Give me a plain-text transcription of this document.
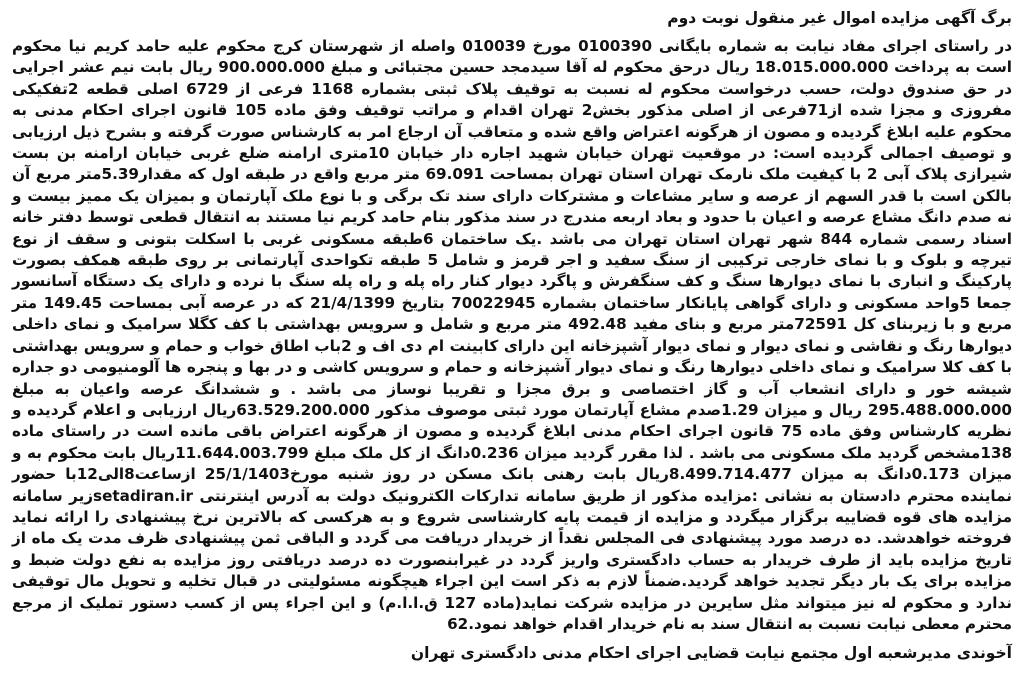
برگ آگهی مزایده اموال غیر منقول نوبت دوم

در راستای اجرای مفاد نیابت به شماره بایگانی 0100390 مورخ 010039 واصله از شهرستان کرج محکوم علیه حامد کریم نیا محکوم است به پرداخت 18.015.000.000 ریال درحق محکوم له آقا سیدمجد حسین مجتبائی و مبلغ 900.000.000 ریال بابت نیم عشر اجرایی در حق صندوق دولت، حسب درخواست محکوم له نسبت به توقیف پلاک ثبتی بشماره 1168 فرعی از 6729 اصلی قطعه 2تفکیکی مفروزی و مجزا شده از71فرعی از اصلی مذکور بخش2 تهران اقدام و مراتب توقیف وفق ماده 105 قانون اجرای احکام مدنی به محکوم علیه ابلاغ گردیده و مصون از هرگونه اعتراض واقع شده و متعاقب آن ارجاع امر به کارشناس صورت گرفته و بشرح ذیل ارزیابی و توصیف اجمالی گردیده است: در موقعیت تهران خیابان شهید اجاره دار خیابان 10متری ارامنه ضلع غربی خیابان ارامنه بن بست شیرازی پلاک آبی 2 با کیفیت ملک نارمک تهران استان تهران بمساحت 69.091 متر مربع واقع در طبقه اول که مقدار5.39متر مربع آن بالکن است با قدر السهم از عرصه و سایر مشاعات و مشترکات دارای سند تک برگی و با نوع ملک آپارتمان و بمیزان یک ممیز بیست و نه صدم دانگ مشاع عرصه و اعیان با حدود و بعاد اربعه مندرج در سند مذکور بنام حامد کریم نیا مستند به انتقال قطعی توسط دفتر خانه اسناد رسمی شماره 844 شهر تهران استان تهران می باشد .یک ساختمان 6طبقه مسکونی غربی با اسکلت بتونی و سقف از نوع تیرچه و بلوک و با نمای خارجی ترکیبی از سنگ سفید و اجر قرمز و شامل 5 طبقه تکواحدی آپارتمانی بر روی طبقه همکف بصورت پارکینگ و انباری با نمای دیوارها سنگ و کف سنگفرش و پاگرد دیوار کنار راه پله و راه پله سنگ با نرده و دارای یک دستگاه آسانسور جمعا 5واحد مسکونی و دارای گواهی پایانکار ساختمان بشماره 70022945 بتاریخ 21/4/1399 که در عرصه آبی بمساحت 149.45 متر مربع و با زیربنای کل 72591متر مربع و بنای مفید 492.48 متر مربع و شامل و سرویس بهداشتی با کف کگلا سرامیک و نمای داخلی دیوارها رنگ و نقاشی و نمای دیوار و نمای دیوار آشپزخانه این دارای کابینت ام دی اف و 2باب اطاق خواب و حمام و سرویس بهداشتی با کف کلا سرامیک و نمای داخلی دیوارها رنگ و نمای دیوار آشپزخانه و حمام و سرویس کاشی و در بها و پنجره ها آلومنیومی دو جداره شیشه خور و دارای انشعاب آب و گاز اختصاصی و برق مجزا و تقریبا نوساز می باشد . و ششدانگ عرصه واعیان به مبلغ 295.488.000.000 ریال و میزان 1.29صدم مشاع آپارتمان مورد ثبتی موصوف مذکور 63.529.200.000ریال ارزیابی و اعلام گردیده و نظریه کارشناس وفق ماده 75 قانون اجرای احکام مدنی ابلاغ گردیده و مصون از هرگونه اعتراض باقی مانده است در راستای ماده 138مشخص گردید ملک مسکونی می باشد . لذا مقرر گردید میزان 0.236دانگ از کل ملک مبلغ 11.644.003.799ریال بابت محکوم به و میزان 0.173دانگ به میزان 8.499.714.477ریال بابت رهنی بانک مسکن در روز شنبه مورخ25/1/1403 ازساعت8الی12با حضور نماینده محترم دادستان به نشانی :مزایده مذکور از طریق سامانه تدارکات الکترونیک دولت به آدرس اینترنتی setadiran.irزیر سامانه مزایده های قوه قضاییه برگزار میگردد و مزایده از قیمت پایه کارشناسی شروع و به هرکسی که بالاترین نرخ پیشنهادی را ارائه نماید فروخته خواهدشد. ده درصد مورد پیشنهادی فی المجلس نقداً از خریدار دریافت می گردد و الباقی ثمن پیشنهادی ظرف مدت یک ماه از تاریخ مزایده باید از طرف خریدار به حساب دادگستری واریز گردد در غیرابنصورت ده درصد دریافتی روز مزایده به نفع دولت ضبط و مزایده برای یک بار دیگر تجدید خواهد گردید.ضمناً لازم به ذکر است این اجراء هیچگونه مسئولیتی در قبال تخلیه و تحویل مال توقیفی ندارد و محکوم له نیز میتواند مثل سایرین در مزایده شرکت نماید(ماده 127 ق.ا.ا.م) و این اجراء پس از کسب دستور تملیک از مرجع محترم معطی نیابت نسبت به انتقال سند به نام خریدار اقدام خواهد نمود.62

آخوندی مدیرشعبه اول مجتمع نیابت قضایی اجرای احکام مدنی دادگستری تهران
